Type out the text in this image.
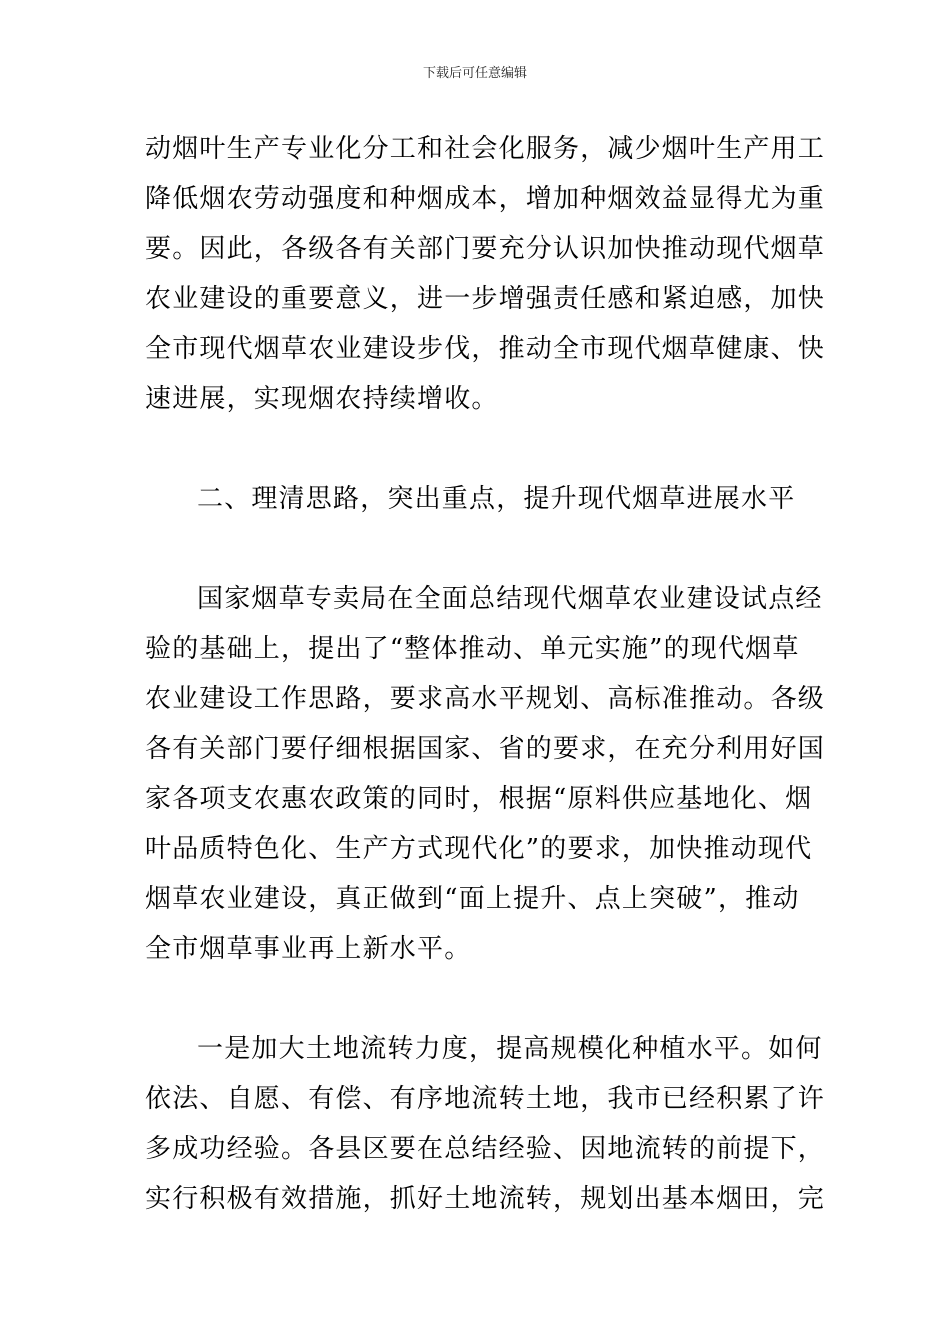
下载后可任意编辑
动烟叶生产专业化分工和社会化服务，减少烟叶生产用工
降低烟农劳动强度和种烟成本，增加种烟效益显得尤为重
要。因此，各级各有关部门要充分认识加快推动现代烟草
农业建设的重要意义，进一步增强责任感和紧迫感，加快
全市现代烟草农业建设步伐，推动全市现代烟草健康、快
速进展，实现烟农持续增收。
二、理清思路，突出重点，提升现代烟草进展水平
国家烟草专卖局在全面总结现代烟草农业建设试点经
验的基础上，提出了“整体推动、单元实施”的现代烟草
农业建设工作思路，要求高水平规划、高标准推动。各级
各有关部门要仔细根据国家、省的要求，在充分利用好国
家各项支农惠农政策的同时，根据“原料供应基地化、烟
叶品质特色化、生产方式现代化”的要求，加快推动现代
烟草农业建设，真正做到“面上提升、点上突破”，推动
全市烟草事业再上新水平。
一是加大土地流转力度，提高规模化种植水平。如何
依法、自愿、有偿、有序地流转土地，我市已经积累了许
多成功经验。各县区要在总结经验、因地流转的前提下，
实行积极有效措施，抓好土地流转，规划出基本烟田，完
